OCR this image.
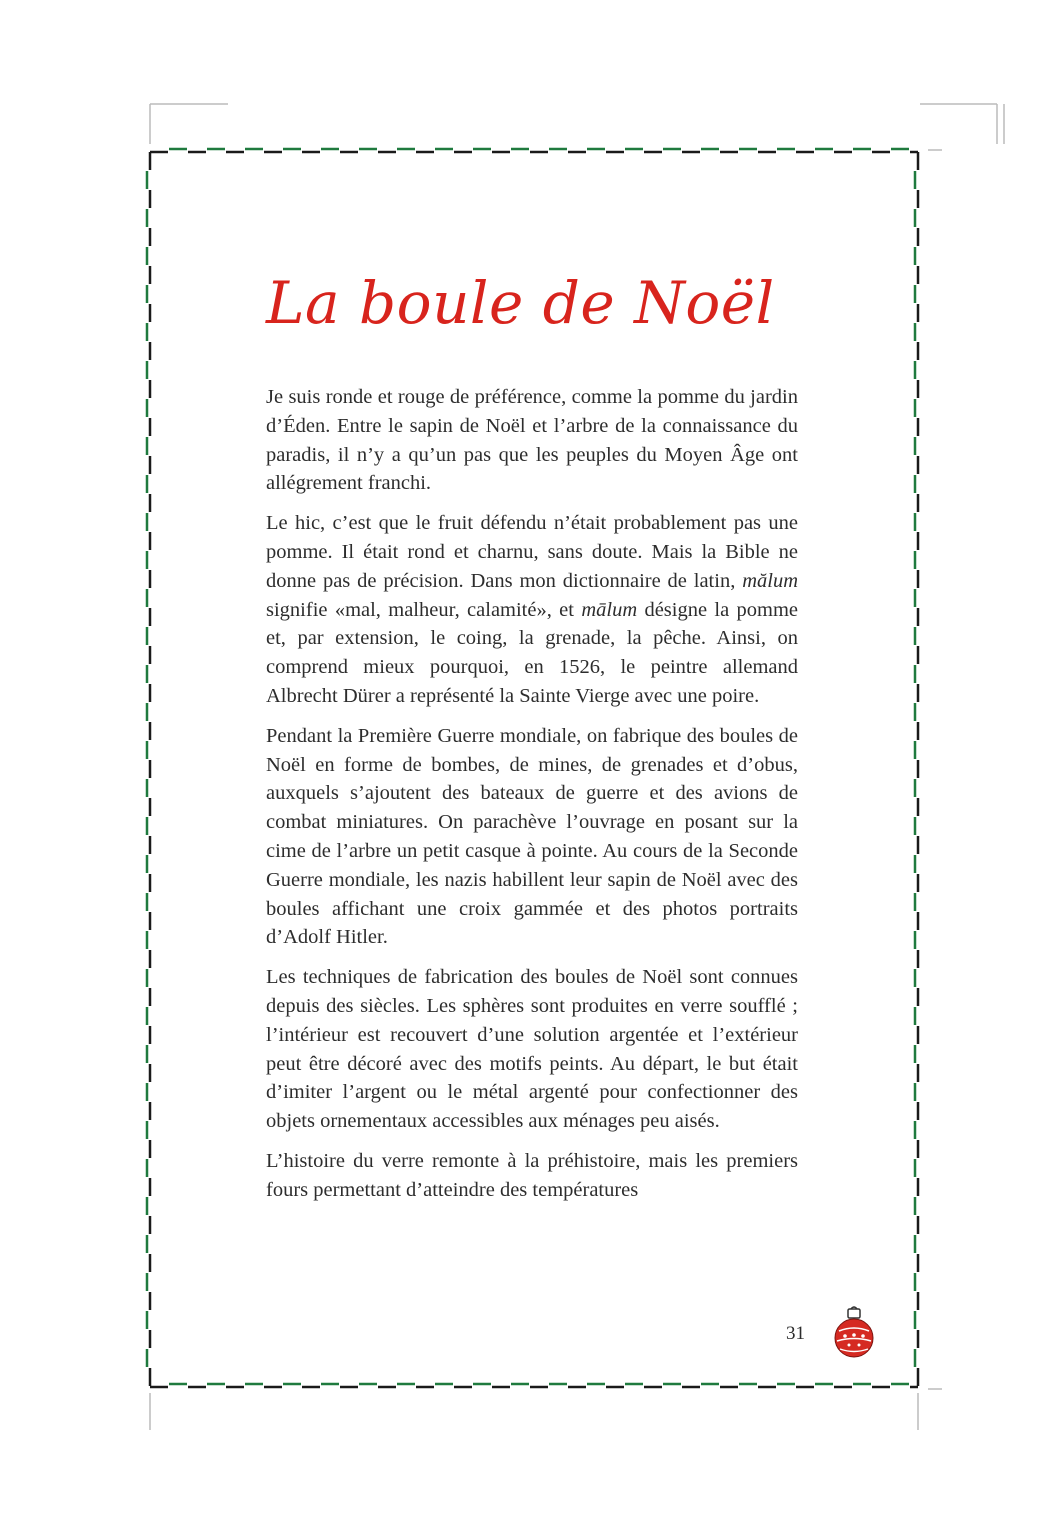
La boule de Noël

Je suis ronde et rouge de préférence, comme la pomme du jardin d’Éden. Entre le sapin de Noël et l’arbre de la connaissance du paradis, il n’y a qu’un pas que les peuples du Moyen Âge ont allégrement franchi.

Le hic, c’est que le fruit défendu n’était probablement pas une pomme. Il était rond et charnu, sans doute. Mais la Bible ne donne pas de précision. Dans mon dictionnaire de latin, mălum signifie «mal, malheur, calamité», et mālum désigne la pomme et, par extension, le coing, la grenade, la pêche. Ainsi, on comprend mieux pourquoi, en 1526, le peintre allemand Albrecht Dürer a représenté la Sainte Vierge avec une poire.

Pendant la Première Guerre mondiale, on fabrique des boules de Noël en forme de bombes, de mines, de grenades et d’obus, auxquels s’ajoutent des bateaux de guerre et des avions de combat miniatures. On parachève l’ouvrage en posant sur la cime de l’arbre un petit casque à pointe. Au cours de la Seconde Guerre mondiale, les nazis habillent leur sapin de Noël avec des boules affichant une croix gammée et des photos portraits d’Adolf Hitler.

Les techniques de fabrication des boules de Noël sont connues depuis des siècles. Les sphères sont produites en verre soufflé ; l’intérieur est recouvert d’une solution argentée et l’extérieur peut être décoré avec des motifs peints. Au départ, le but était d’imiter l’argent ou le métal argenté pour confectionner des objets ornementaux accessibles aux ménages peu aisés.

L’histoire du verre remonte à la préhistoire, mais les premiers fours permettant d’atteindre des températures

31
